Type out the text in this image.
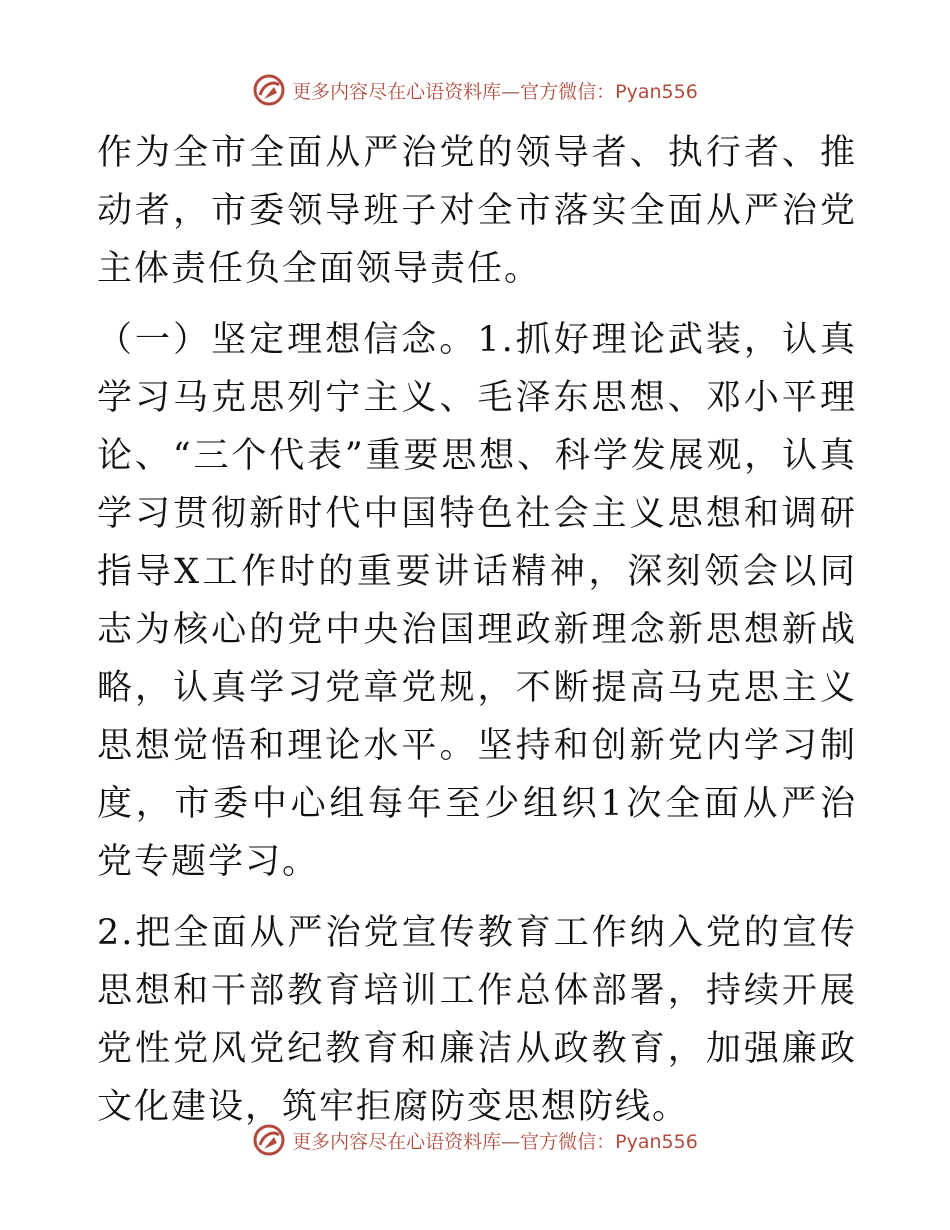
更多内容尽在心语资料库—官方微信：Pyan556

作为全市全面从严治党的领导者、执行者、推动者，市委领导班子对全市落实全面从严治党主体责任负全面领导责任。

（一）坚定理想信念。1.抓好理论武装，认真学习马克思列宁主义、毛泽东思想、邓小平理论、“三个代表”重要思想、科学发展观，认真学习贯彻新时代中国特色社会主义思想和调研指导X工作时的重要讲话精神，深刻领会以同志为核心的党中央治国理政新理念新思想新战略，认真学习党章党规，不断提高马克思主义思想觉悟和理论水平。坚持和创新党内学习制度，市委中心组每年至少组织1次全面从严治党专题学习。

2.把全面从严治党宣传教育工作纳入党的宣传思想和干部教育培训工作总体部署，持续开展党性党风党纪教育和廉洁从政教育，加强廉政文化建设，筑牢拒腐防变思想防线。

更多内容尽在心语资料库—官方微信：Pyan556
